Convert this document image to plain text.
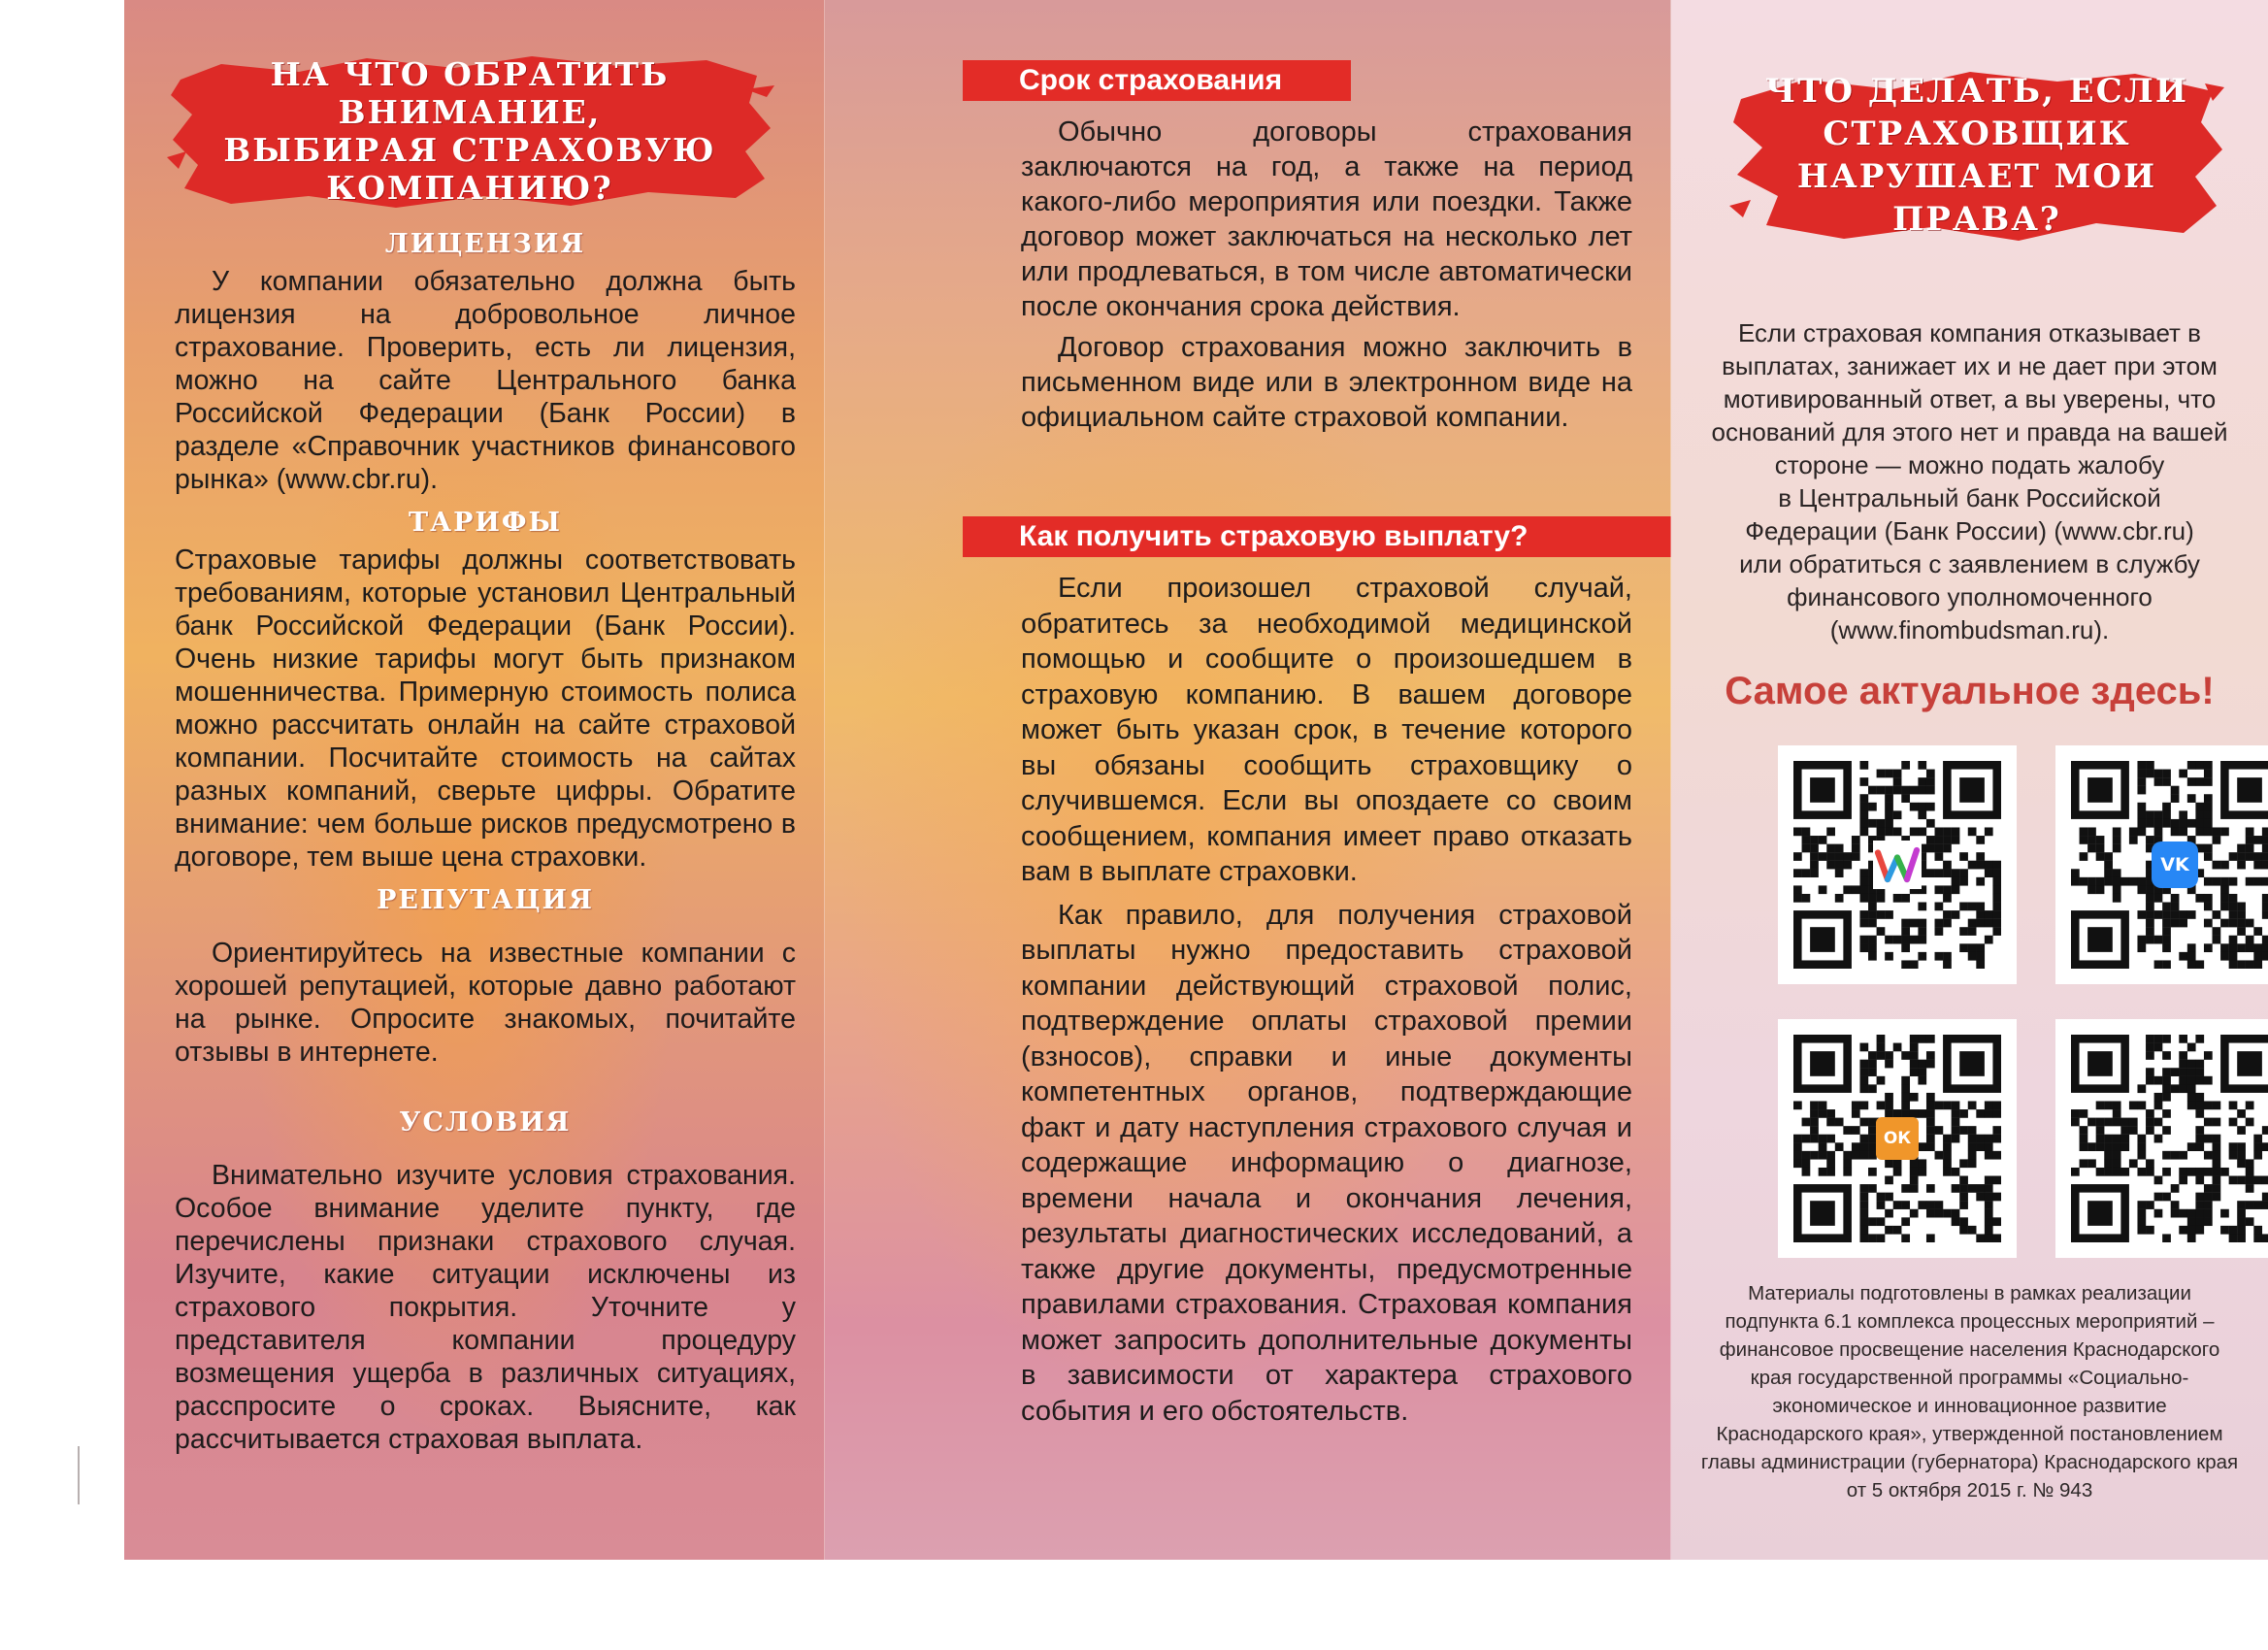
НА ЧТО ОБРАТИТЬ ВНИМАНИЕ,
ВЫБИРАЯ СТРАХОВУЮ
КОМПАНИЮ?
ЛИЦЕНЗИЯ

У компании обязательно должна быть лицензия на добровольное личное страхование. Проверить, есть ли лицензия, можно на сайте Центрального банка Российской Федерации (Банк России) в разделе «Справочник участников финансового рынка» (www.cbr.ru).

ТАРИФЫ

Страховые тарифы должны соответствовать требованиям, которые установил Центральный банк Российской Федерации (Банк России). Очень низкие тарифы могут быть признаком мошенничества. Примерную стоимость полиса можно рассчитать онлайн на сайте страховой компании. Посчитайте стоимость на сайтах разных компаний, сверьте цифры. Обратите внимание: чем больше рисков предусмотрено в договоре, тем выше цена страховки.

РЕПУТАЦИЯ

Ориентируйтесь на известные компании с хорошей репутацией, которые давно работают на рынке. Опросите знакомых, почитайте отзывы в интернете.

УСЛОВИЯ

Внимательно изучите условия страхования. Особое внимание уделите пункту, где перечислены признаки страхового случая. Изучите, какие ситуации исключены из страхового покрытия. Уточните у представителя компании процедуру возмещения ущерба в различных ситуациях, расспросите о сроках. Выясните, как рассчитывается страховая выплата.

Срок страхования

Обычно договоры страхования заключаются на год, а также на период какого-либо мероприятия или поездки. Также договор может заключаться на несколько лет или продлеваться, в том числе автоматически после окончания срока действия.

Договор страхования можно заключить в письменном виде или в электронном виде на официальном сайте страховой компании.

Как получить страховую выплату?

Если произошел страховой случай, обратитесь за необходимой медицинской помощью и сообщите о произошедшем в страховую компанию. В вашем договоре может быть указан срок, в течение которого вы обязаны сообщить страховщику о случившемся. Если вы опоздаете со своим сообщением, компания имеет право отказать вам в выплате страховки.

Как правило, для получения страховой выплаты нужно предоставить страховой компании действующий страховой полис, подтверждение оплаты страховой премии (взносов), справки и иные документы компетентных органов, подтверждающие факт и дату наступления страхового случая и содержащие информацию о диагнозе, времени начала и окончания лечения, результаты диагностических исследований, а также другие документы, предусмотренные правилами страхования. Страховая компания может запросить дополнительные документы в зависимости от характера страхового события и его обстоятельств.

ЧТО ДЕЛАТЬ, ЕСЛИ
СТРАХОВЩИК
НАРУШАЕТ МОИ ПРАВА?

Если страховая компания отказывает в

выплатах, занижает их и не дает при этом

мотивированный ответ, а вы уверены, что

оснований для этого нет и правда на вашей

стороне — можно подать жалобу

в Центральный банк Российской

Федерации (Банк России) (www.cbr.ru)

или обратиться с заявлением в службу

финансового уполномоченного

(www.finombudsman.ru).

Самое актуальное здесь!
VK
ОК

Материалы подготовлены в рамках реализации

подпункта 6.1 комплекса процессных мероприятий –

финансовое просвещение населения Краснодарского

края государственной программы «Социально-

экономическое и инновационное развитие

Краснодарского края», утвержденной постановлением

главы администрации (губернатора) Краснодарского края

от 5 октября 2015 г. № 943
